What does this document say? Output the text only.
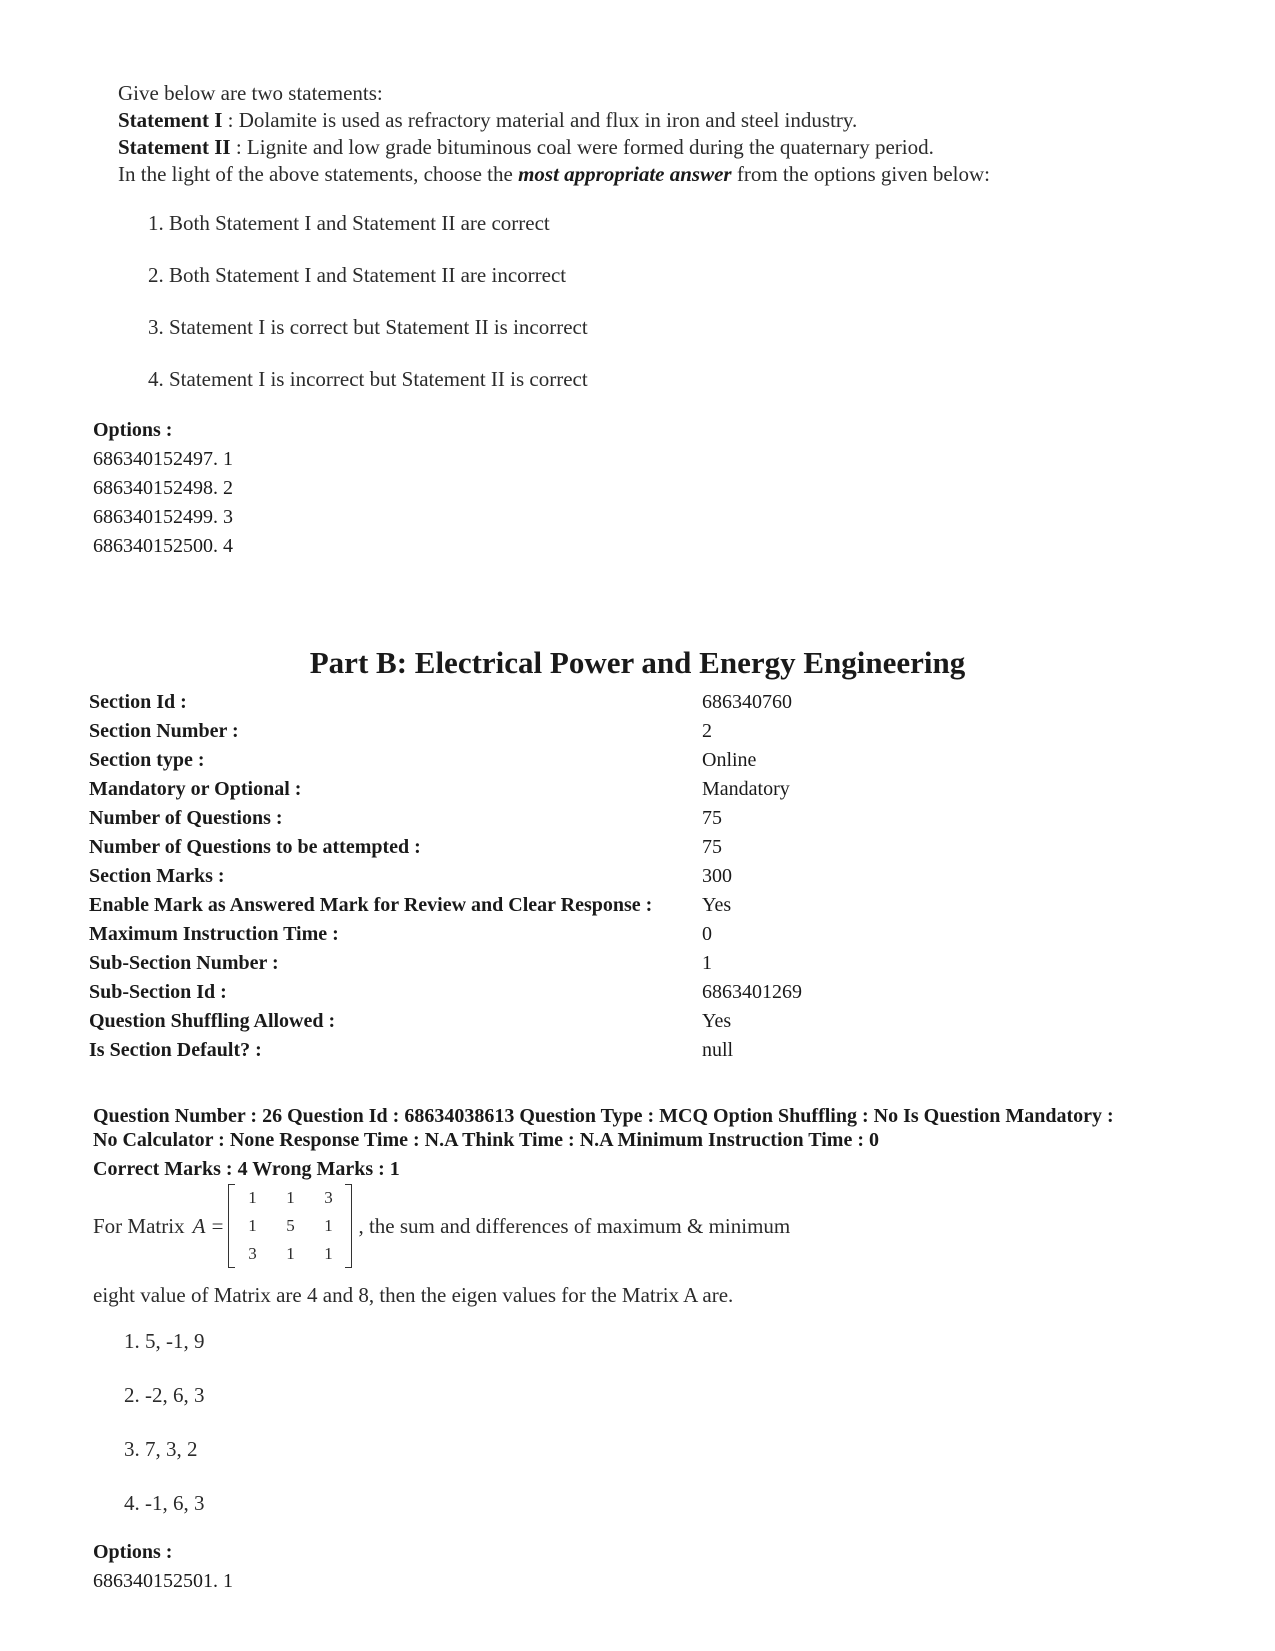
Give below are two statements:

Statement I : Dolamite is used as refractory material and flux in iron and steel industry.

Statement II : Lignite and low grade bituminous coal were formed during the quaternary period.

In the light of the above statements, choose the most appropriate answer from the options given below:

1. Both Statement I and Statement II are correct
2. Both Statement I and Statement II are incorrect
3. Statement I is correct but Statement II is incorrect
4. Statement I is incorrect but Statement II is correct
Options :
686340152497. 1
686340152498. 2
686340152499. 3
686340152500. 4
Part B: Electrical Power and Energy Engineering
Section Id :	686340760
Section Number :	2
Section type :	Online
Mandatory or Optional :	Mandatory
Number of Questions :	75
Number of Questions to be attempted :	75
Section Marks :	300
Enable Mark as Answered Mark for Review and Clear Response : Yes
Maximum Instruction Time :	0
Sub-Section Number :	1
Sub-Section Id :	6863401269
Question Shuffling Allowed :	Yes
Is Section Default? :	null
Question Number : 26 Question Id : 68634038613 Question Type : MCQ Option Shuffling : No Is Question Mandatory :
No Calculator : None Response Time : N.A Think Time : N.A Minimum Instruction Time : 0
Correct Marks : 4 Wrong Marks : 1
For Matrix A =
1	1	3
1	5	1
3	1	1
, the sum and differences of maximum & minimum
eight value of Matrix are 4 and 8, then the eigen values for the Matrix A are.
1. 5, -1, 9
2. -2, 6, 3
3. 7, 3, 2
4. -1, 6, 3
Options :
686340152501. 1
